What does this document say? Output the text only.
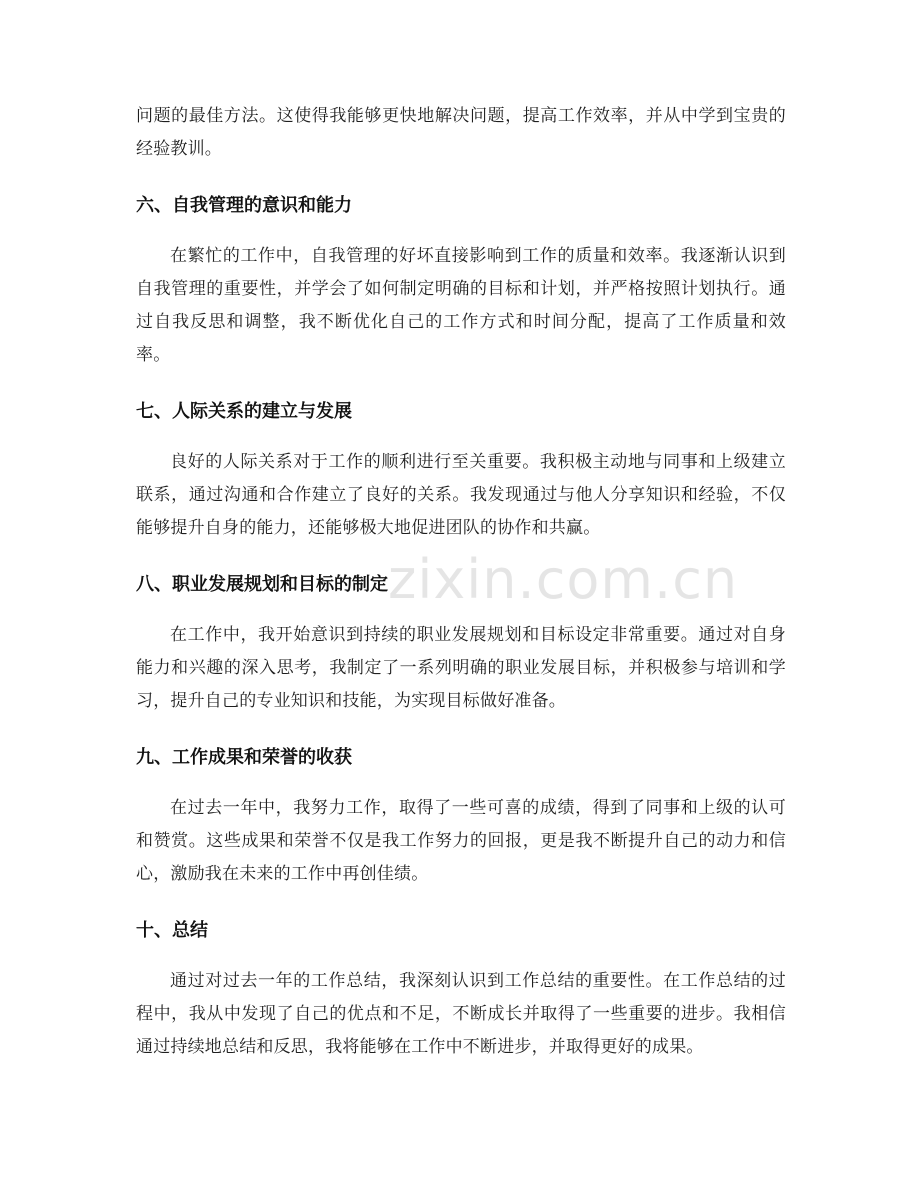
问题的最佳方法。这使得我能够更快地解决问题，提高工作效率，并从中学到宝贵的经验教训。

六、自我管理的意识和能力

在繁忙的工作中，自我管理的好坏直接影响到工作的质量和效率。我逐渐认识到自我管理的重要性，并学会了如何制定明确的目标和计划，并严格按照计划执行。通过自我反思和调整，我不断优化自己的工作方式和时间分配，提高了工作质量和效率。

七、人际关系的建立与发展

良好的人际关系对于工作的顺利进行至关重要。我积极主动地与同事和上级建立联系，通过沟通和合作建立了良好的关系。我发现通过与他人分享知识和经验，不仅能够提升自身的能力，还能够极大地促进团队的协作和共赢。

八、职业发展规划和目标的制定

在工作中，我开始意识到持续的职业发展规划和目标设定非常重要。通过对自身能力和兴趣的深入思考，我制定了一系列明确的职业发展目标，并积极参与培训和学习，提升自己的专业知识和技能，为实现目标做好准备。

九、工作成果和荣誉的收获

在过去一年中，我努力工作，取得了一些可喜的成绩，得到了同事和上级的认可和赞赏。这些成果和荣誉不仅是我工作努力的回报，更是我不断提升自己的动力和信心，激励我在未来的工作中再创佳绩。

十、总结

通过对过去一年的工作总结，我深刻认识到工作总结的重要性。在工作总结的过程中，我从中发现了自己的优点和不足，不断成长并取得了一些重要的进步。我相信通过持续地总结和反思，我将能够在工作中不断进步，并取得更好的成果。

zixin.com.cn
